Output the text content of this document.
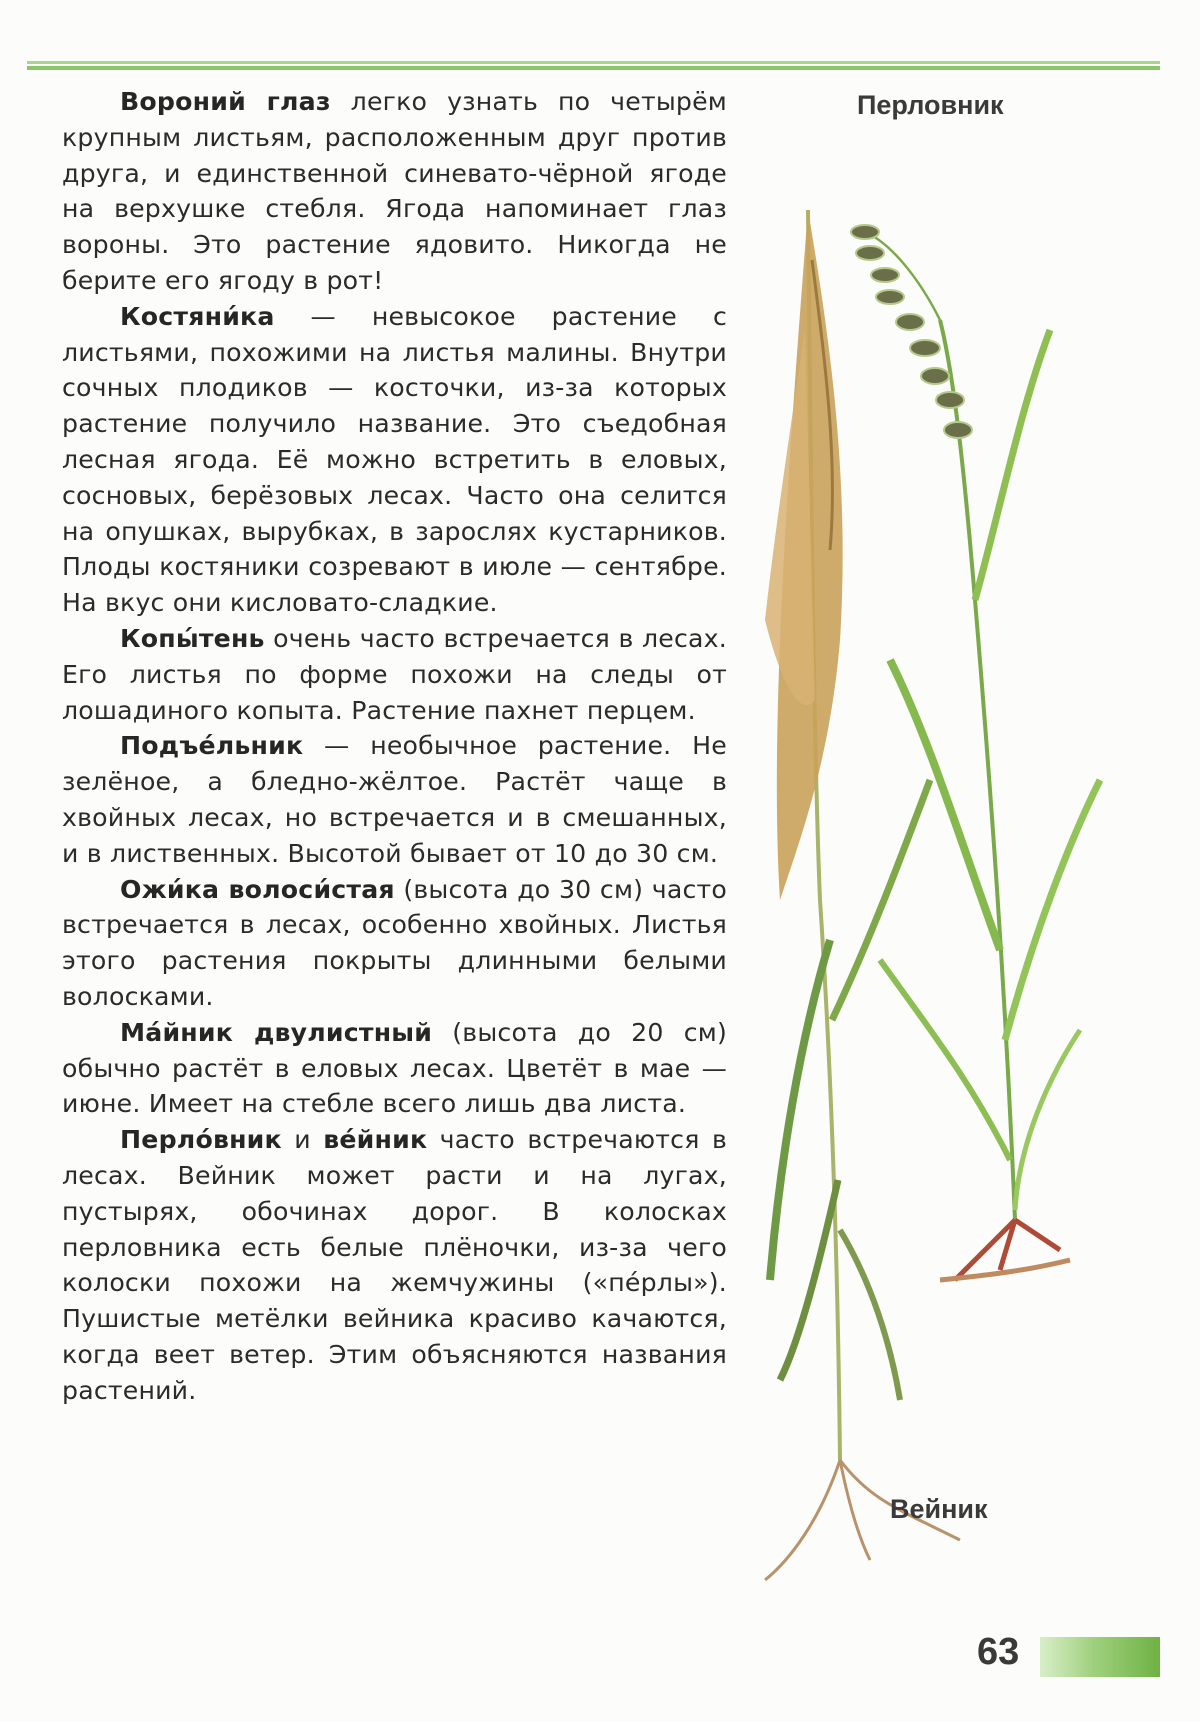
Вороний глаз легко узнать по четырём крупным листьям, расположенным друг против друга, и единственной синевато-чёрной ягоде на верхушке стебля. Ягода напоминает глаз вороны. Это растение ядовито. Никогда не берите его ягоду в рот!

Костяни́ка — невысокое растение с листьями, похожими на листья малины. Внутри сочных плодиков — косточки, из-за которых растение получило название. Это съедобная лесная ягода. Её можно встретить в еловых, сосновых, берёзовых лесах. Часто она селится на опушках, вырубках, в зарослях кустарников. Плоды костяники созревают в июле — сентябре. На вкус они кисловато-сладкие.

Копы́тень очень часто встречается в лесах. Его листья по форме похожи на следы от лошадиного копыта. Растение пахнет перцем.

Подъе́льник — необычное растение. Не зелёное, а бледно-жёлтое. Растёт чаще в хвойных лесах, но встречается и в смешанных, и в лиственных. Высотой бывает от 10 до 30 см.

Ожи́ка волоси́стая (высота до 30 см) часто встречается в лесах, особенно хвойных. Листья этого растения покрыты длинными белыми волосками.

Ма́йник двулистный (высота до 20 см) обычно растёт в еловых лесах. Цветёт в мае — июне. Имеет на стебле всего лишь два листа.

Перло́вник и ве́йник часто встречаются в лесах. Вейник может расти и на лугах, пустырях, обочинах дорог. В колосках перловника есть белые плёночки, из-за чего колоски похожи на жемчужины («пе́рлы»). Пушистые метёлки вейника красиво качаются, когда веет ветер. Этим объясняются названия растений.

Перловник
Вейник
63
